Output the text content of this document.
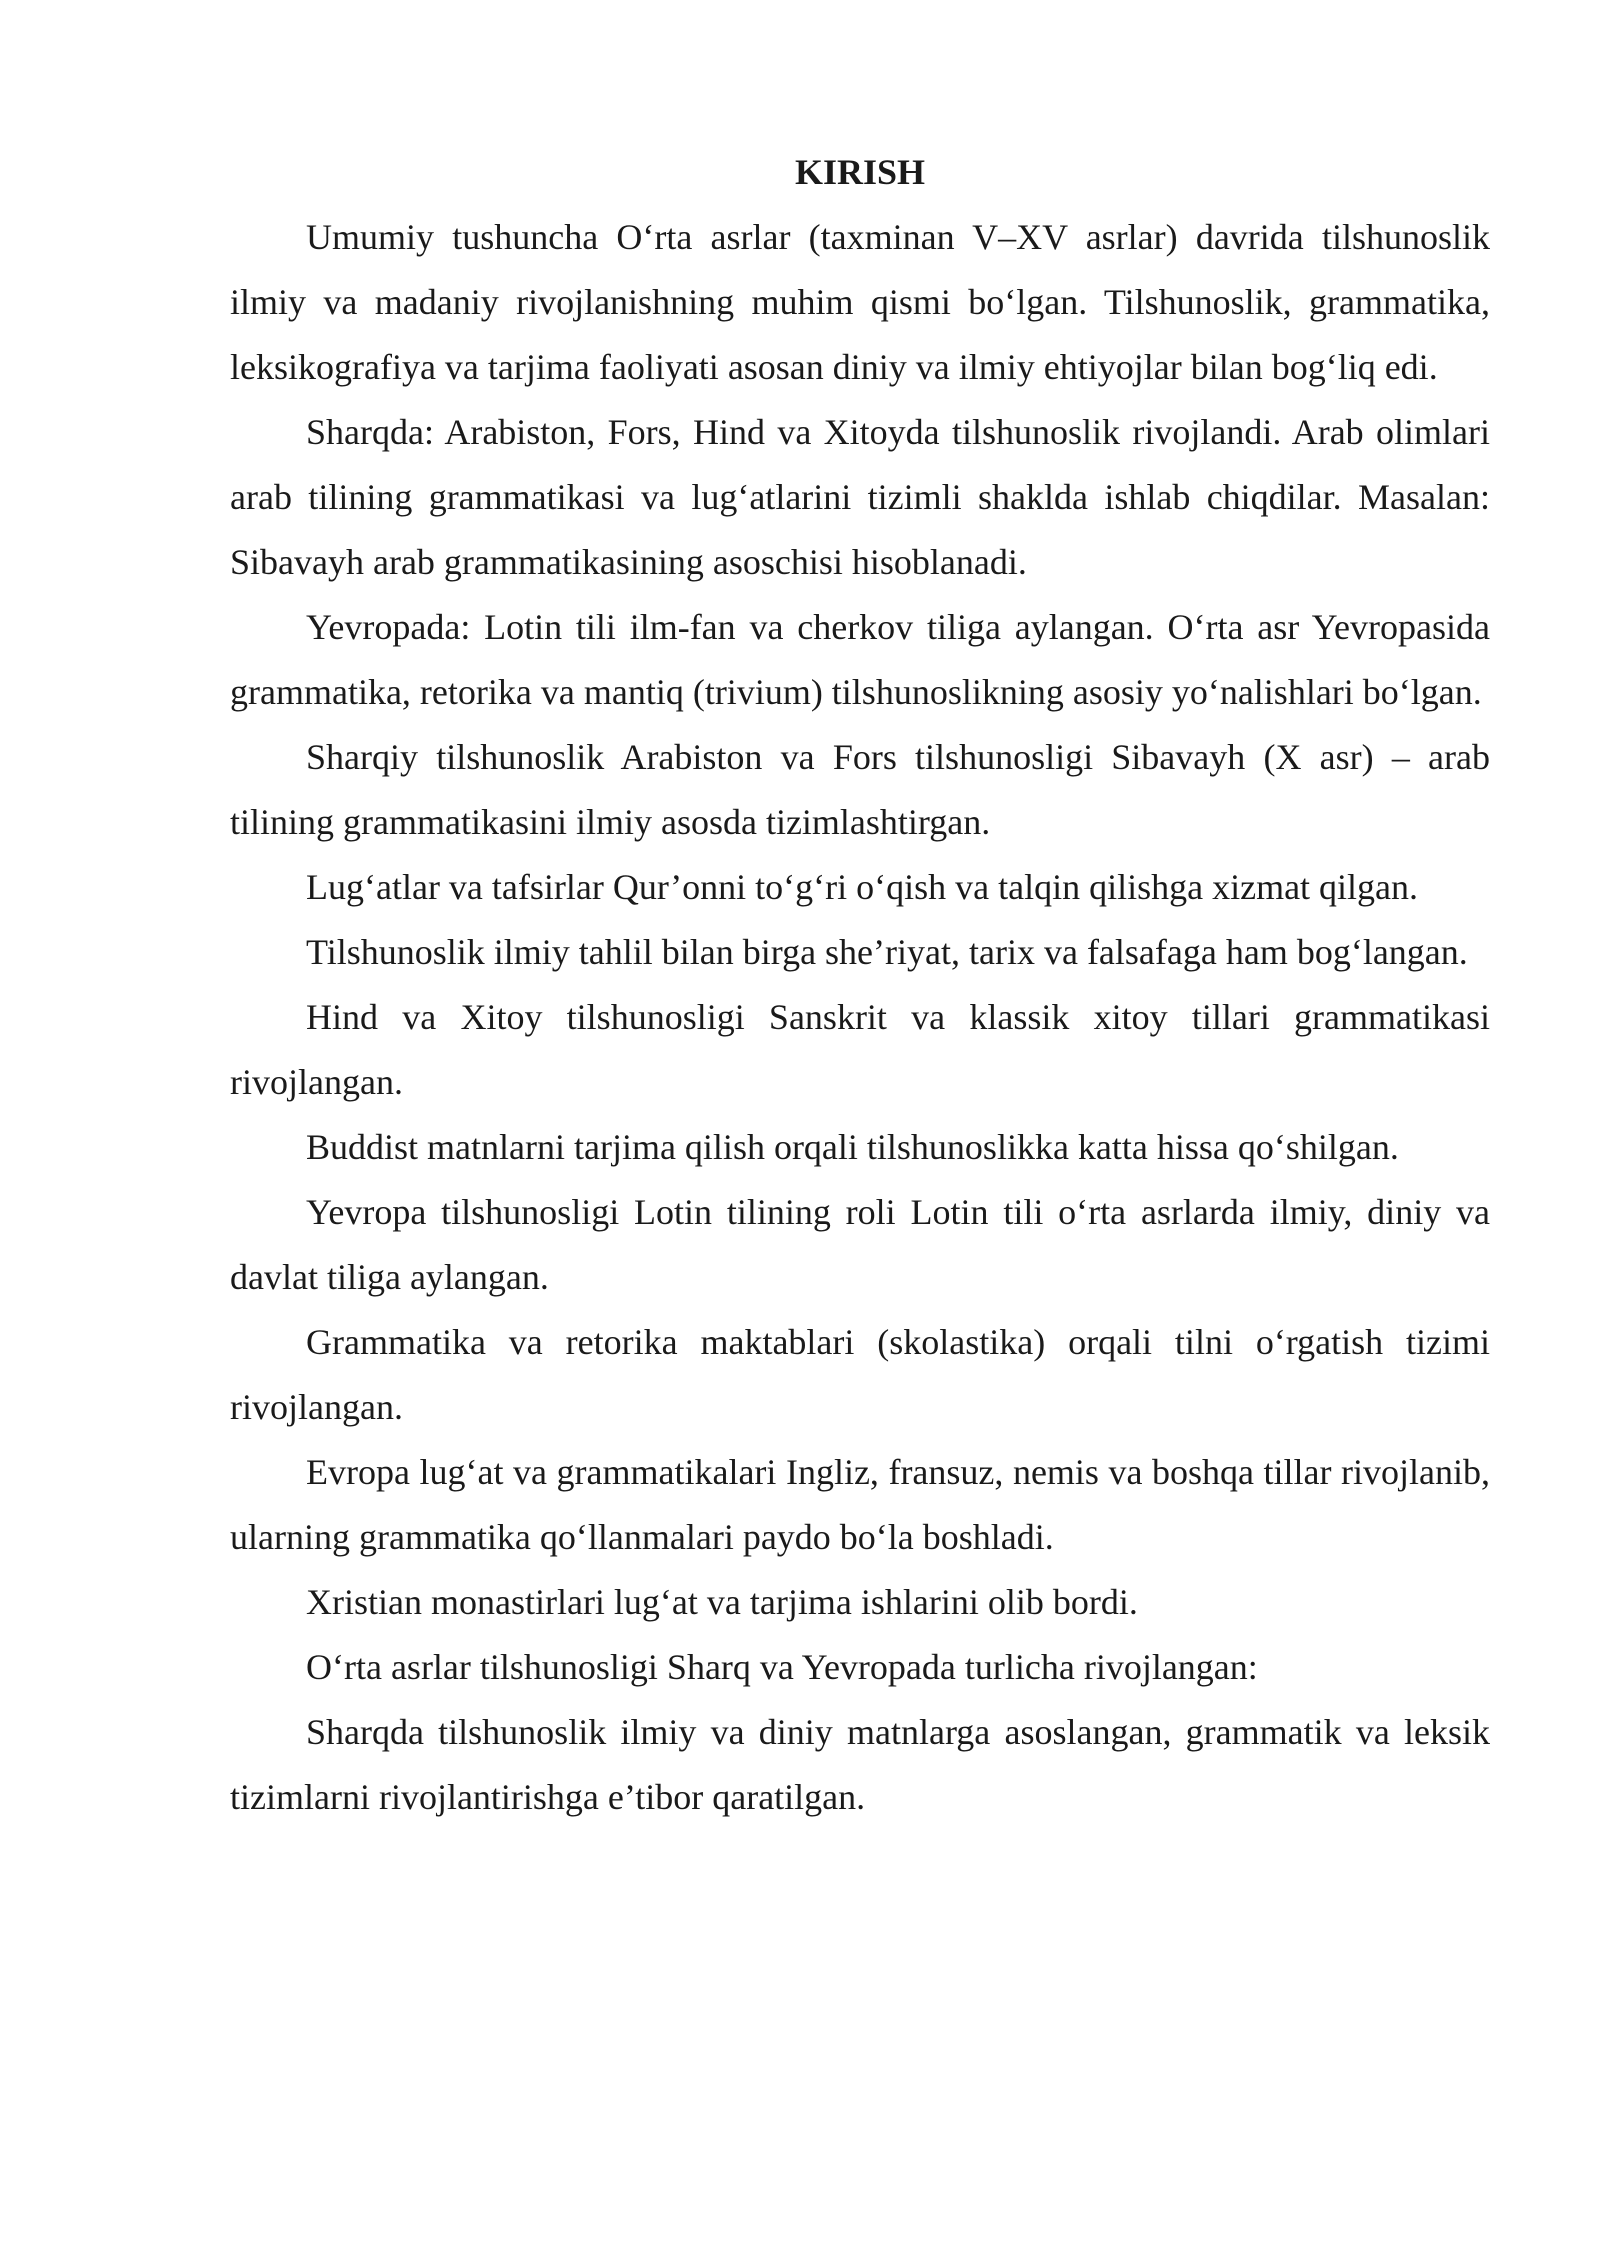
KIRISH

Umumiy tushuncha O‘rta asrlar (taxminan V–XV asrlar) davrida tilshunoslik ilmiy va madaniy rivojlanishning muhim qismi bo‘lgan. Tilshunoslik, grammatika, leksikografiya va tarjima faoliyati asosan diniy va ilmiy ehtiyojlar bilan bog‘liq edi.

Sharqda: Arabiston, Fors, Hind va Xitoyda tilshunoslik rivojlandi. Arab olimlari arab tilining grammatikasi va lug‘atlarini tizimli shaklda ishlab chiqdilar. Masalan: Sibavayh arab grammatikasining asoschisi hisoblanadi.

Yevropada: Lotin tili ilm-fan va cherkov tiliga aylangan. O‘rta asr Yevropasida grammatika, retorika va mantiq (trivium) tilshunoslikning asosiy yo‘nalishlari bo‘lgan.

Sharqiy tilshunoslik Arabiston va Fors tilshunosligi Sibavayh (X asr) – arab tilining grammatikasini ilmiy asosda tizimlashtirgan.

Lug‘atlar va tafsirlar Qur’onni to‘g‘ri o‘qish va talqin qilishga xizmat qilgan.

Tilshunoslik ilmiy tahlil bilan birga she’riyat, tarix va falsafaga ham bog‘langan.

Hind va Xitoy tilshunosligi Sanskrit va klassik xitoy tillari grammatikasi rivojlangan.

Buddist matnlarni tarjima qilish orqali tilshunoslikka katta hissa qo‘shilgan.

Yevropa tilshunosligi Lotin tilining roli Lotin tili o‘rta asrlarda ilmiy, diniy va davlat tiliga aylangan.

Grammatika va retorika maktablari (skolastika) orqali tilni o‘rgatish tizimi rivojlangan.

Evropa lug‘at va grammatikalari Ingliz, fransuz, nemis va boshqa tillar rivojlanib, ularning grammatika qo‘llanmalari paydo bo‘la boshladi.

Xristian monastirlari lug‘at va tarjima ishlarini olib bordi.

O‘rta asrlar tilshunosligi Sharq va Yevropada turlicha rivojlangan:

Sharqda tilshunoslik ilmiy va diniy matnlarga asoslangan, grammatik va leksik tizimlarni rivojlantirishga e’tibor qaratilgan.
